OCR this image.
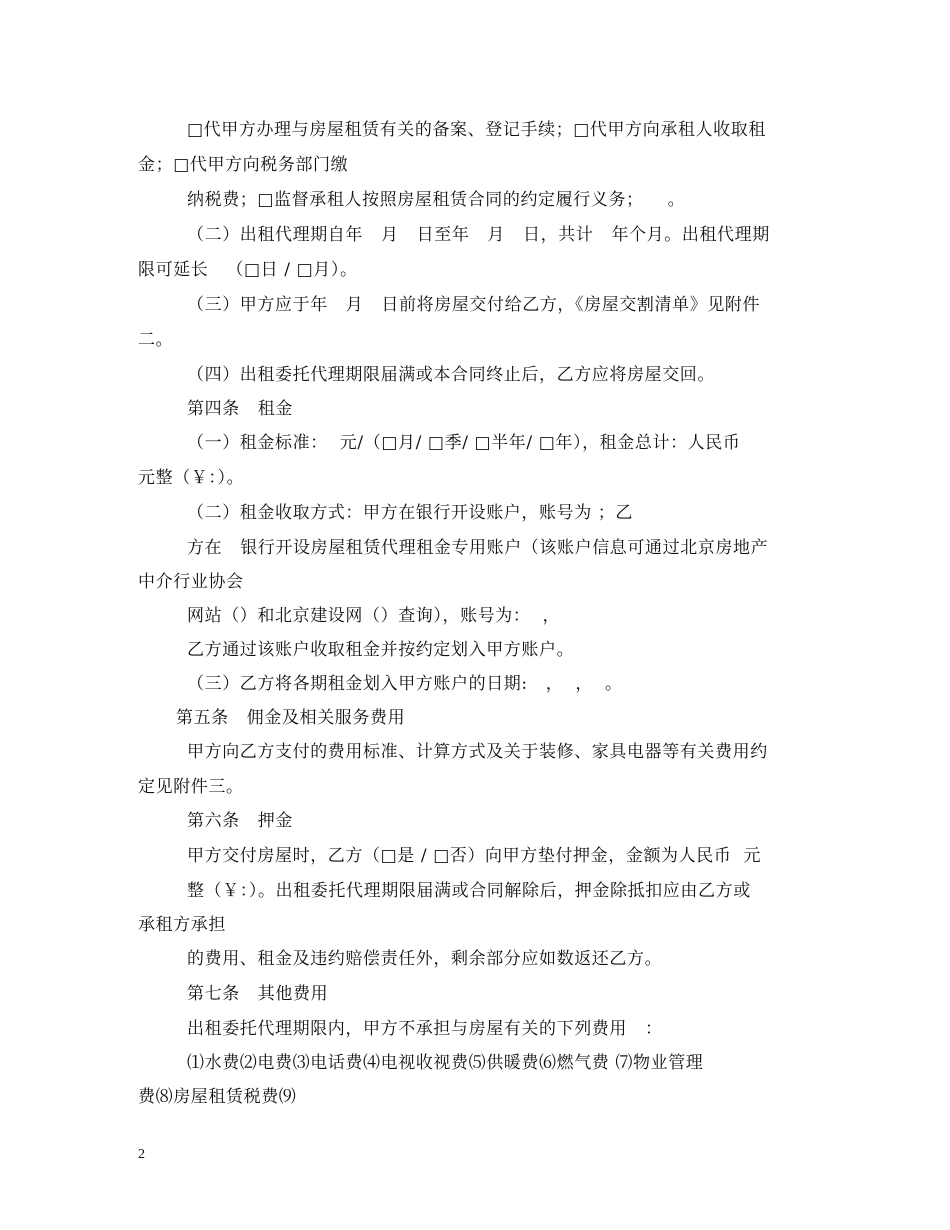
□代甲方办理与房屋租赁有关的备案、登记手续；□代甲方向承租人收取租
金；□代甲方向税务部门缴
纳税费；□监督承租人按照房屋租赁合同的约定履行义务；    。
（二）出租代理期自年   月   日至年   月   日，共计   年个月。出租代理期
限可延长   （□日 / □月）。
（三）甲方应于年   月   日前将房屋交付给乙方，《房屋交割清单》见附件
二。
（四）出租委托代理期限届满或本合同终止后，乙方应将房屋交回。
第四条   租金
（一）租金标准：  元/（□月/ □季/ □半年/ □年），租金总计：人民币
元整（￥：）。
（二）租金收取方式：甲方在银行开设账户，账号为 ；乙
方在   银行开设房屋租赁代理租金专用账户（该账户信息可通过北京房地产
中介行业协会
网站（）和北京建设网（）查询），账号为：  ，
乙方通过该账户收取租金并按约定划入甲方账户。
（三）乙方将各期租金划入甲方账户的日期:   ，  ，  。
第五条   佣金及相关服务费用
甲方向乙方支付的费用标准、计算方式及关于装修、家具电器等有关费用约
定见附件三。
第六条   押金
甲方交付房屋时，乙方（□是 / □否）向甲方垫付押金，金额为人民币  元
整（￥：）。出租委托代理期限届满或合同解除后，押金除抵扣应由乙方或
承租方承担
的费用、租金及违约赔偿责任外，剩余部分应如数返还乙方。
第七条   其他费用
出租委托代理期限内，甲方不承担与房屋有关的下列费用   ：
⑴水费⑵电费⑶电话费⑷电视收视费⑸供暖费⑹燃气费 ⑺物业管理
费⑻房屋租赁税费⑼
2
